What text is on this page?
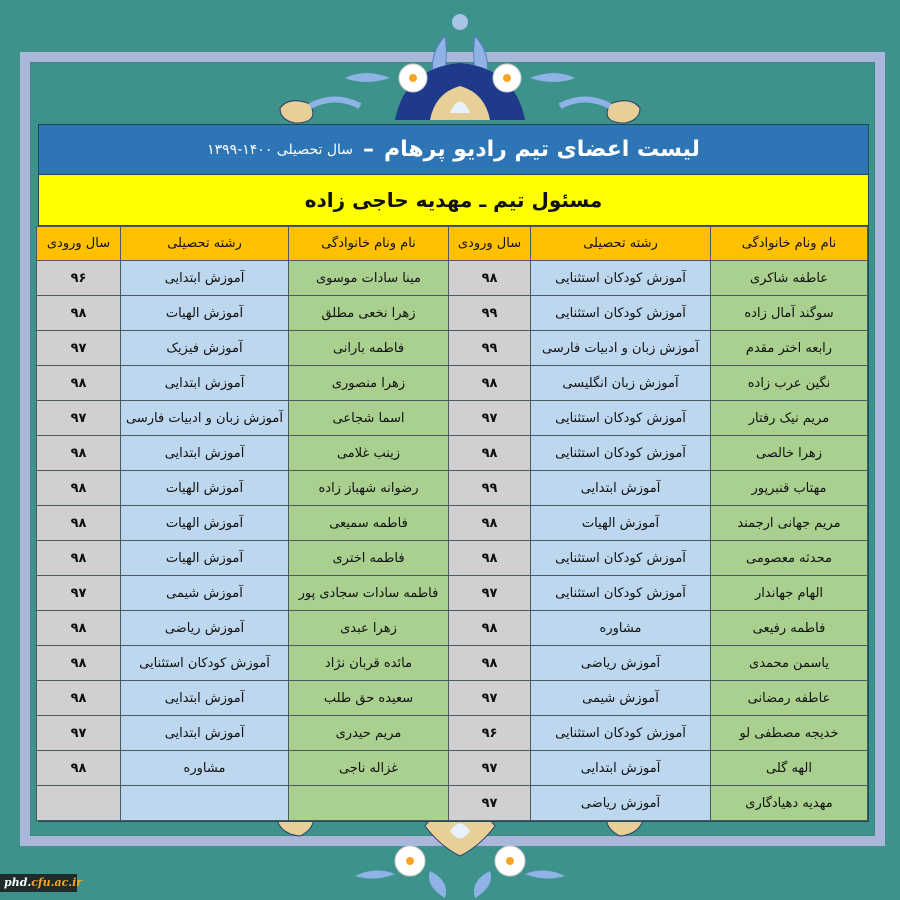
لیست اعضای تیم رادیو پرهام
–
سال تحصیلی ۱۴۰۰-۱۳۹۹
مسئول تیم ـ مهدیه حاجی زاده
نام ونام خانوادگی	رشته تحصیلی	سال ورودی	نام ونام خانوادگی	رشته تحصیلی	سال ورودی
عاطفه شاکری	آموزش کودکان استثنایی	۹۸	مینا سادات موسوی	آموزش ابتدایی	۹۶
سوگند آمال زاده	آموزش کودکان استثنایی	۹۹	زهرا نخعی مطلق	آموزش الهیات	۹۸
رابعه اختر مقدم	آموزش زبان و ادبیات فارسی	۹۹	فاطمه بارانی	آموزش فیزیک	۹۷
نگین عرب زاده	آموزش زبان انگلیسی	۹۸	زهرا منصوری	آموزش ابتدایی	۹۸
مریم نیک رفتار	آموزش کودکان استثنایی	۹۷	اسما شجاعی	آموزش زبان و ادبیات فارسی	۹۷
زهرا خالصی	آموزش کودکان استثنایی	۹۸	زینب غلامی	آموزش ابتدایی	۹۸
مهتاب قنبرپور	آموزش ابتدایی	۹۹	رضوانه شهباز زاده	آموزش الهیات	۹۸
مریم جهانی ارجمند	آموزش الهیات	۹۸	فاطمه سمیعی	آموزش الهیات	۹۸
محدثه معصومی	آموزش کودکان استثنایی	۹۸	فاطمه اختری	آموزش الهیات	۹۸
الهام جهاندار	آموزش کودکان استثنایی	۹۷	فاطمه سادات سجادی پور	آموزش شیمی	۹۷
فاطمه رفیعی	مشاوره	۹۸	زهرا عبدی	آموزش ریاضی	۹۸
یاسمن محمدی	آموزش ریاضی	۹۸	مائده قربان نژاد	آموزش کودکان استثنایی	۹۸
عاطفه رمضانی	آموزش شیمی	۹۷	سعیده حق طلب	آموزش ابتدایی	۹۸
خدیجه مصطفی لو	آموزش کودکان استثنایی	۹۶	مریم حیدری	آموزش ابتدایی	۹۷
الهه گلی	آموزش ابتدایی	۹۷	غزاله ناجی	مشاوره	۹۸
مهدیه دهیادگاری	آموزش ریاضی	۹۷			
phd.cfu.ac.ir
